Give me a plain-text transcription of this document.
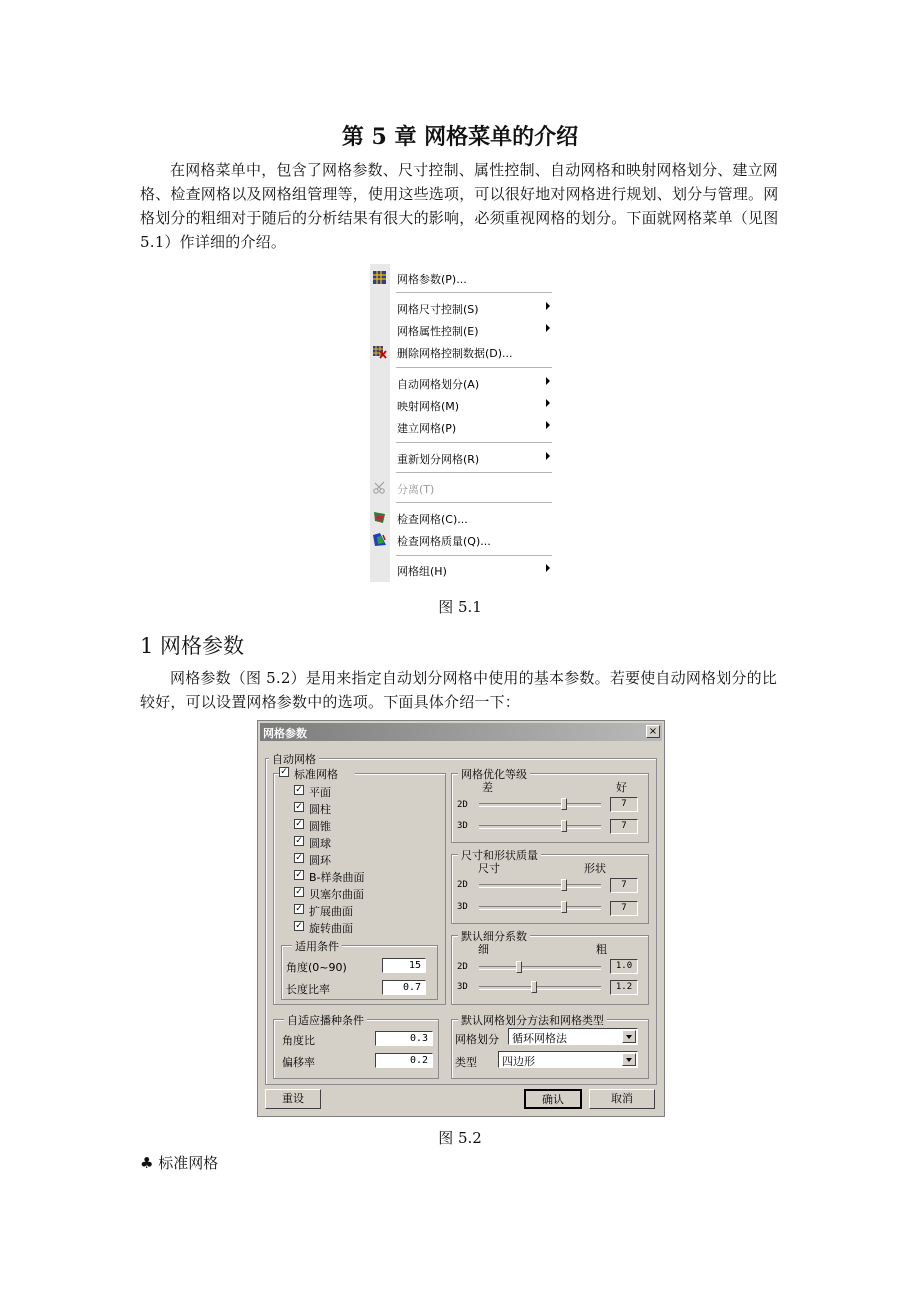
第 5 章 网格菜单的介绍
在网格菜单中，包含了网格参数、尺寸控制、属性控制、自动网格和映射网格划分、建立网格、检查网格以及网格组管理等，使用这些选项，可以很好地对网格进行规划、划分与管理。网格划分的粗细对于随后的分析结果有很大的影响，必须重视网格的划分。下面就网格菜单（见图 5.1）作详细的介绍。
网格参数(P)...
网格尺寸控制(S)
网格属性控制(E)
删除网格控制数据(D)...
自动网格划分(A)
映射网格(M)
建立网格(P)
重新划分网格(R)
分离(T)
检查网格(C)...
检查网格质量(Q)...
网格组(H)
图 5.1
1 网格参数
网格参数（图 5.2）是用来指定自动划分网格中使用的基本参数。若要使自动网格划分的比较好，可以设置网格参数中的选项。下面具体介绍一下：
网格参数	×
自动网格
✓ 标准网格
✓ 平面
✓ 圆柱
✓ 圆锥
✓ 圆球
✓ 圆环
✓ B-样条曲面
✓ 贝塞尔曲面
✓ 扩展曲面
✓ 旋转曲面
适用条件
角度(0~90)	15
长度比率	0.7
自适应播种条件
角度比	0.3
偏移率	0.2
网格优化等级
差	好
2D	7
3D	7
尺寸和形状质量
尺寸	形状
2D	7
3D	7
默认细分系数
细	粗
2D	1.0
3D	1.2
默认网格划分方法和网格类型
网格划分 循环网格法
类型 四边形
重设	确认	取消
图 5.2
♣ 标准网格
